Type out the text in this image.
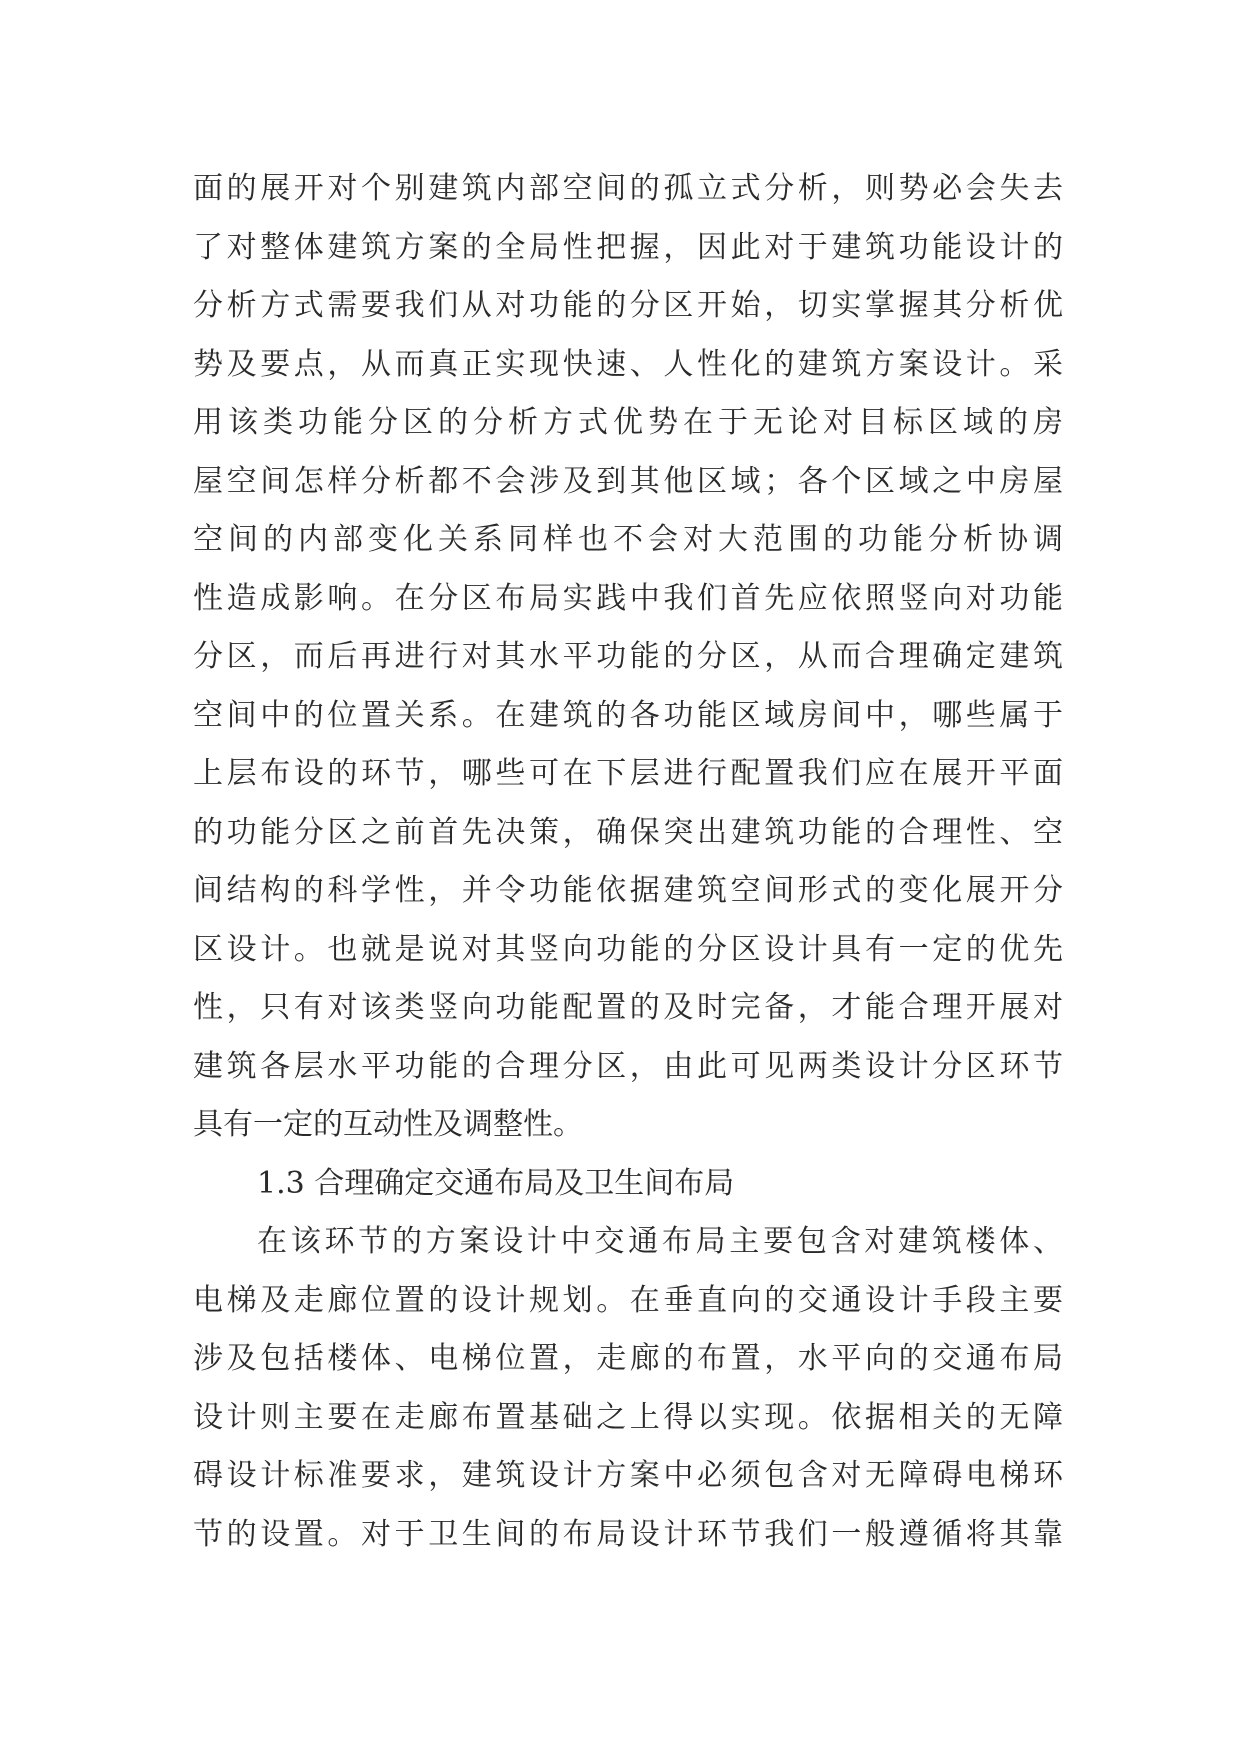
面的展开对个别建筑内部空间的孤立式分析，则势必会失去
了对整体建筑方案的全局性把握，因此对于建筑功能设计的
分析方式需要我们从对功能的分区开始，切实掌握其分析优
势及要点，从而真正实现快速、人性化的建筑方案设计。采
用该类功能分区的分析方式优势在于无论对目标区域的房
屋空间怎样分析都不会涉及到其他区域；各个区域之中房屋
空间的内部变化关系同样也不会对大范围的功能分析协调
性造成影响。在分区布局实践中我们首先应依照竖向对功能
分区，而后再进行对其水平功能的分区，从而合理确定建筑
空间中的位置关系。在建筑的各功能区域房间中，哪些属于
上层布设的环节，哪些可在下层进行配置我们应在展开平面
的功能分区之前首先决策，确保突出建筑功能的合理性、空
间结构的科学性，并令功能依据建筑空间形式的变化展开分
区设计。也就是说对其竖向功能的分区设计具有一定的优先
性，只有对该类竖向功能配置的及时完备，才能合理开展对
建筑各层水平功能的合理分区，由此可见两类设计分区环节
具有一定的互动性及调整性。
1.3 合理确定交通布局及卫生间布局
在该环节的方案设计中交通布局主要包含对建筑楼体、
电梯及走廊位置的设计规划。在垂直向的交通设计手段主要
涉及包括楼体、电梯位置，走廊的布置，水平向的交通布局
设计则主要在走廊布置基础之上得以实现。依据相关的无障
碍设计标准要求，建筑设计方案中必须包含对无障碍电梯环
节的设置。对于卫生间的布局设计环节我们一般遵循将其靠
